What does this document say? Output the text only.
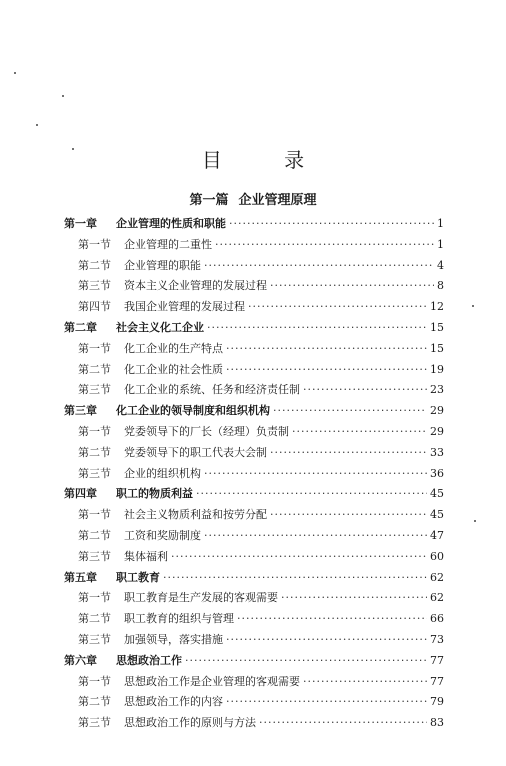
目 录
第一篇 企业管理原理
第一章	企业管理的性质和职能 ·····	1
第一节	企业管理的二重性 ·····	1
第二节	企业管理的职能 ·····	4
第三节	资本主义企业管理的发展过程 ·····	8
第四节	我国企业管理的发展过程 ·····	12
第二章	社会主义化工企业 ·····	15
第一节	化工企业的生产特点 ·····	15
第二节	化工企业的社会性质 ·····	19
第三节	化工企业的系统、任务和经济责任制 ·····	23
第三章	化工企业的领导制度和组织机构 ·····	29
第一节	党委领导下的厂长（经理）负责制 ·····	29
第二节	党委领导下的职工代表大会制 ·····	33
第三节	企业的组织机构 ·····	36
第四章	职工的物质利益 ·····	45
第一节	社会主义物质利益和按劳分配 ·····	45
第二节	工资和奖励制度 ·····	47
第三节	集体福利 ·····	60
第五章	职工教育 ·····	62
第一节	职工教育是生产发展的客观需要 ·····	62
第二节	职工教育的组织与管理 ·····	66
第三节	加强领导，落实措施 ·····	73
第六章	思想政治工作 ·····	77
第一节	思想政治工作是企业管理的客观需要 ·····	77
第二节	思想政治工作的内容 ·····	79
第三节	思想政治工作的原则与方法 ·····	83
